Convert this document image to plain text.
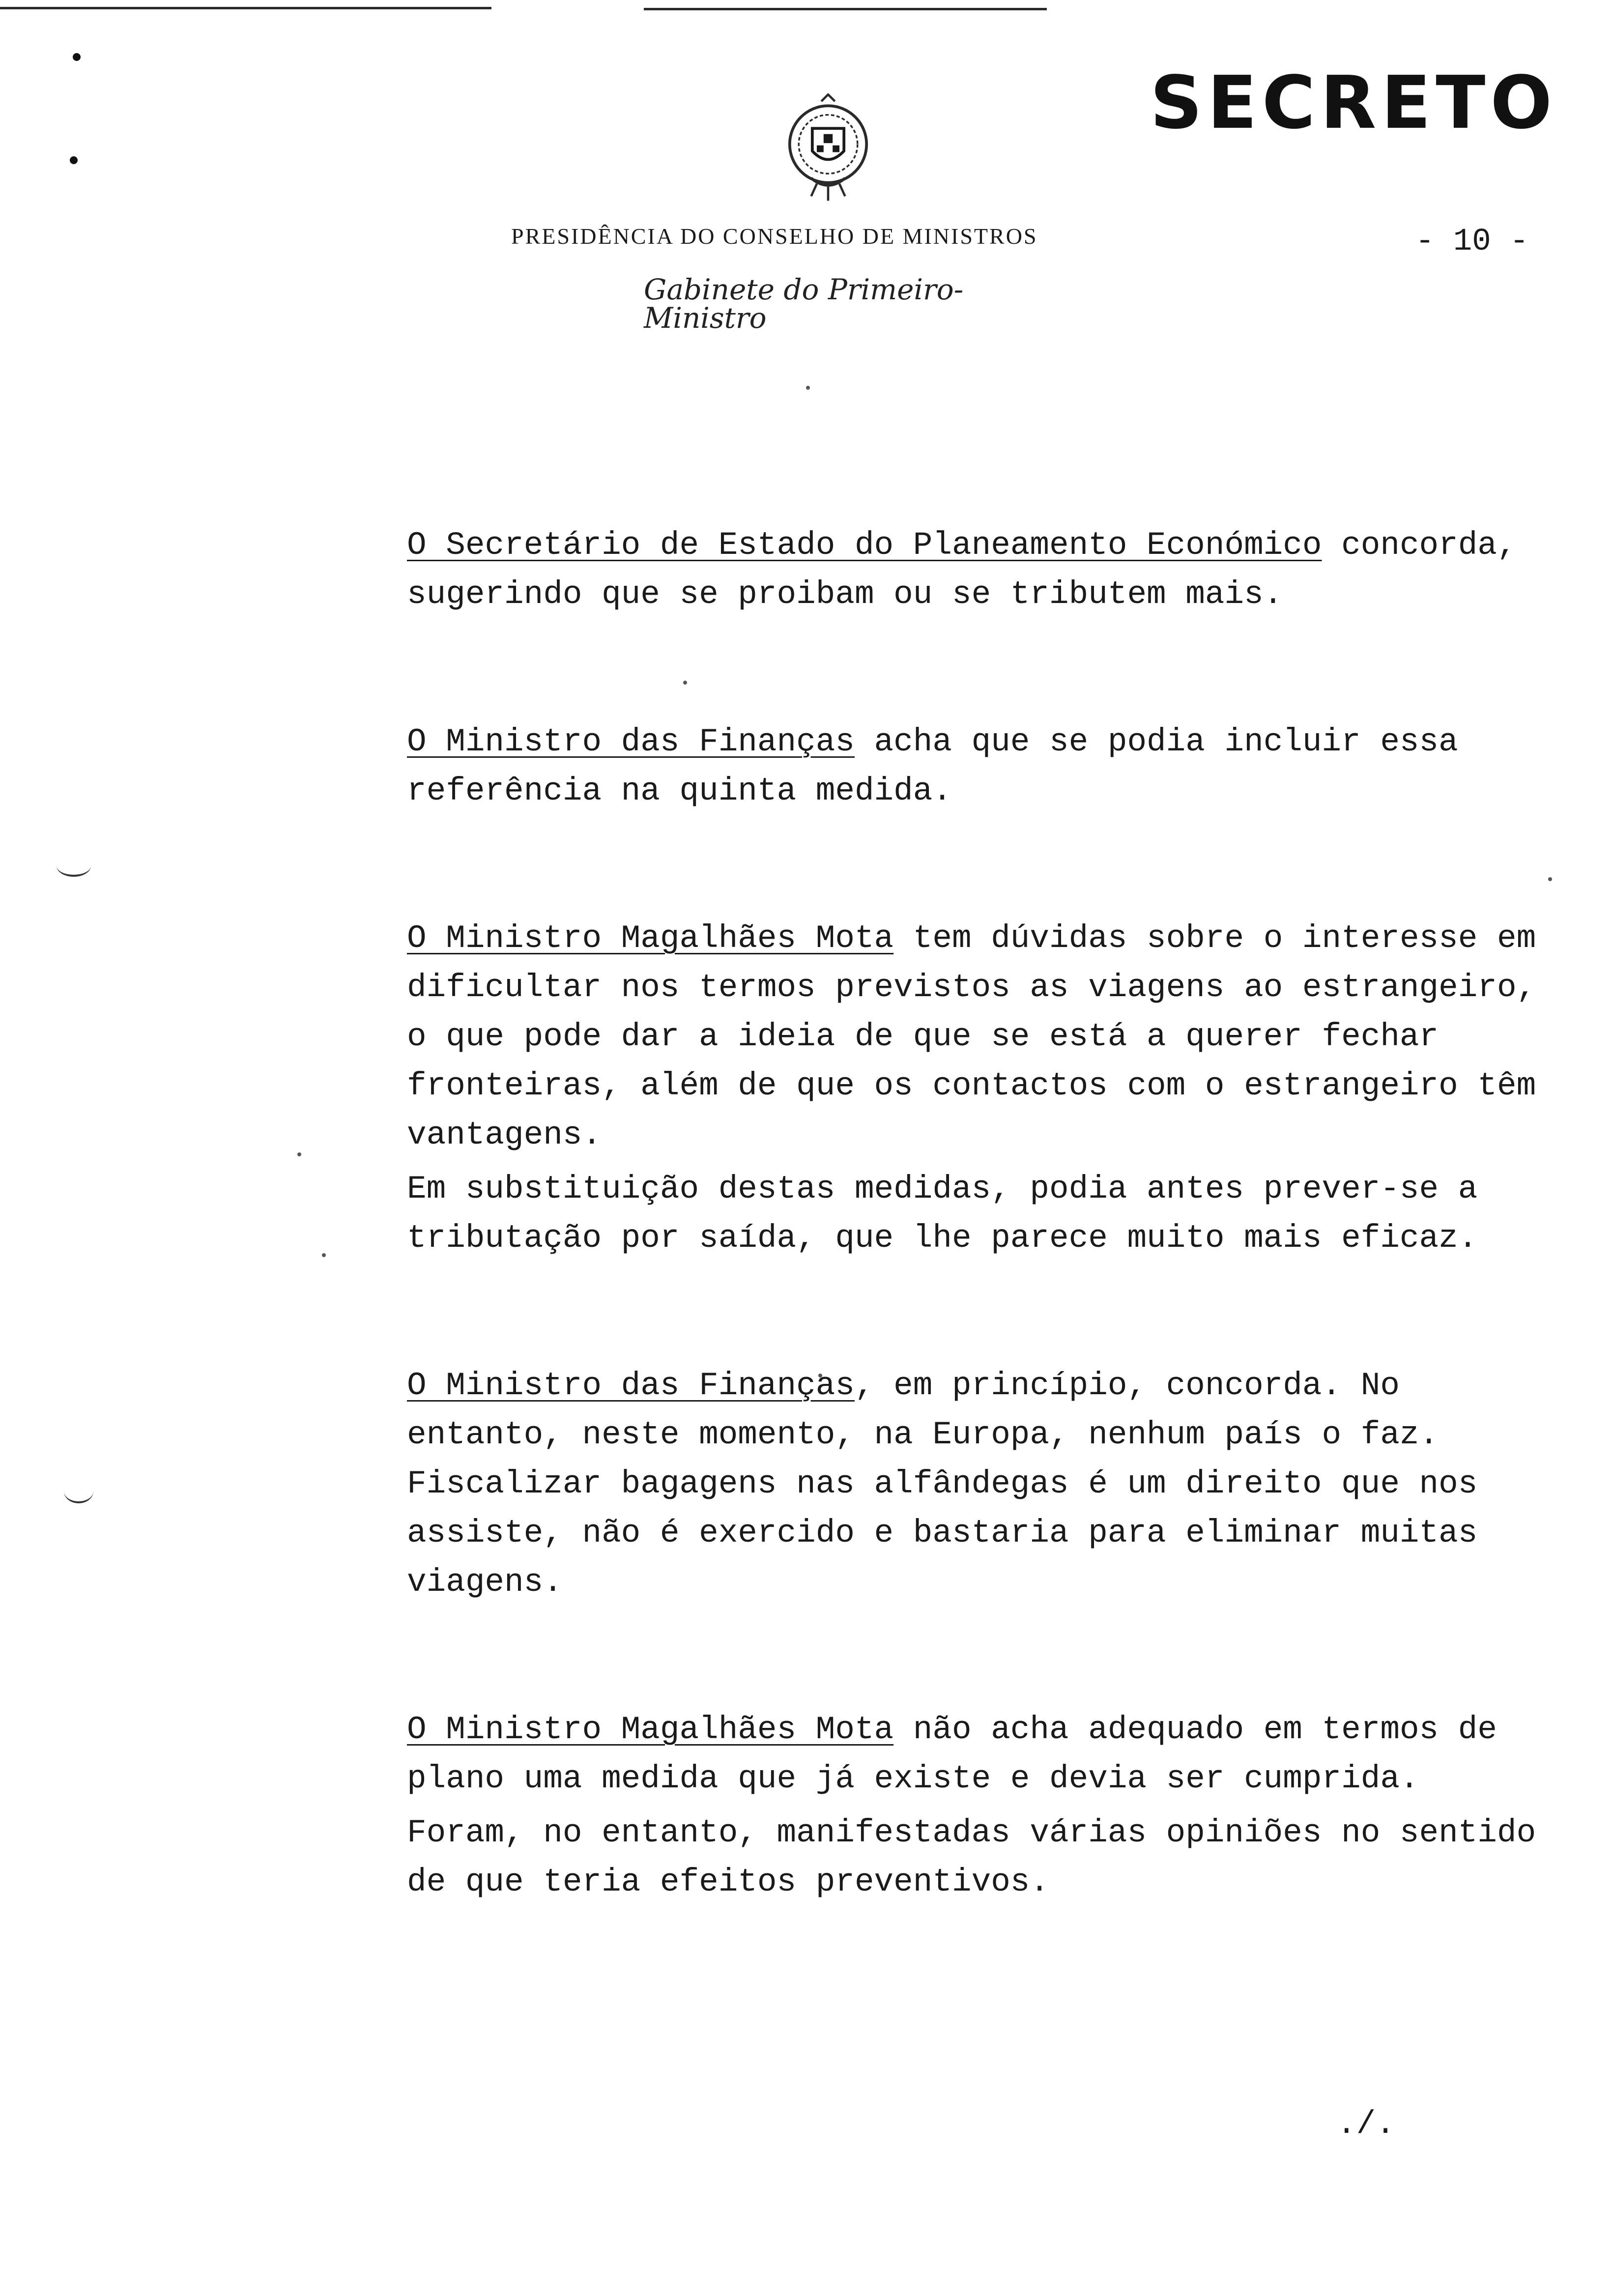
SECRETO
PRESIDÊNCIA DO CONSELHO DE MINISTROS
Gabinete do Primeiro-Ministro
- 10 -

O Secretário de Estado do Planeamento Económico concorda, sugerindo que se proibam ou se tributem mais.

O Ministro das Finanças acha que se podia incluir essa referência na quinta medida.

O Ministro Magalhães Mota tem dúvidas sobre o interesse em dificultar nos termos previstos as viagens ao estrangeiro, o que pode dar a ideia de que se está a querer fechar fronteiras, além de que os contactos com o estrangeiro têm vantagens.

Em substituição destas medidas, podia antes prever-se a tributação por saída, que lhe parece muito mais eficaz.

O Ministro das Finanças, em princípio, concorda. No entanto, neste momento, na Europa, nenhum país o faz. Fiscalizar bagagens nas alfândegas é um direito que nos assiste, não é exercido e bastaria para eliminar muitas viagens.

O Ministro Magalhães Mota não acha adequado em termos de plano uma medida que já existe e devia ser cumprida.

Foram, no entanto, manifestadas várias opiniões no sentido de que teria efeitos preventivos.

./.
